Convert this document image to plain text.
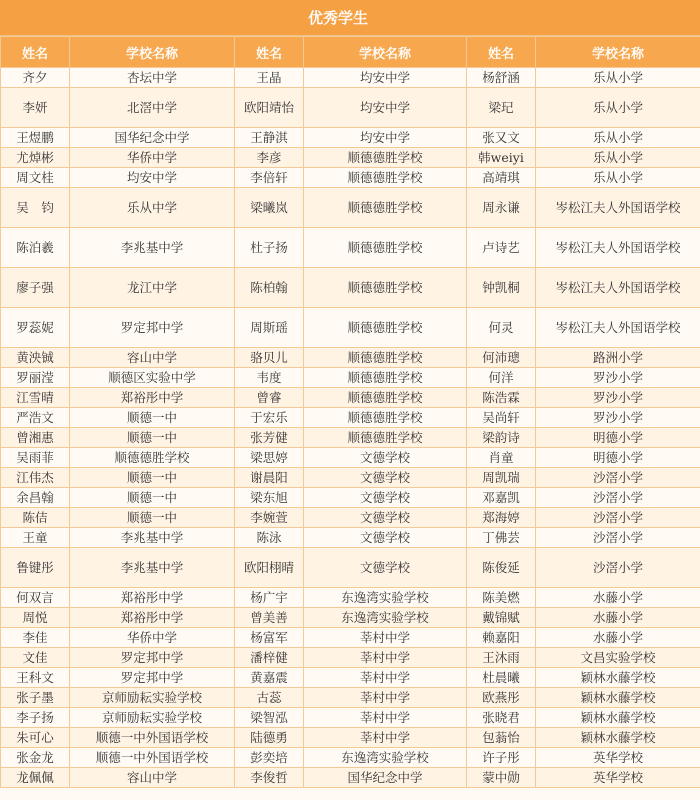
优秀学生
姓名	学校名称	姓名	学校名称	姓名	学校名称
齐夕	杏坛中学	王晶	均安中学	杨舒涵	乐从小学
李妍	北滘中学	欧阳靖怡	均安中学	梁玘	乐从小学
王煜鹏	国华纪念中学	王静淇	均安中学	张又文	乐从小学
尤焯彬	华侨中学	李彦	顺德德胜学校	韩weiyi	乐从小学
周文桂	均安中学	李倍轩	顺德德胜学校	高靖琪	乐从小学
吴　钧	乐从中学	梁曦岚	顺德德胜学校	周永谦	岑松江夫人外国语学校
陈泊羲	李兆基中学	杜子扬	顺德德胜学校	卢诗艺	岑松江夫人外国语学校
廖子强	龙江中学	陈柏翰	顺德德胜学校	钟凯桐	岑松江夫人外国语学校
罗蕊妮	罗定邦中学	周斯瑶	顺德德胜学校	何灵	岑松江夫人外国语学校
黄泱铖	容山中学	骆贝儿	顺德德胜学校	何沛璁	路洲小学
罗丽滢	顺德区实验中学	韦度	顺德德胜学校	何洋	罗沙小学
江雪晴	郑裕彤中学	曾睿	顺德德胜学校	陈浩霖	罗沙小学
严浩文	顺德一中	于宏乐	顺德德胜学校	吴尚轩	罗沙小学
曾湘惠	顺德一中	张芳健	顺德德胜学校	梁韵诗	明德小学
吴雨菲	顺德德胜学校	梁思婷	文德学校	肖童	明德小学
江伟杰	顺德一中	谢晨阳	文德学校	周凯瑞	沙滘小学
余昌翰	顺德一中	梁东旭	文德学校	邓嘉凯	沙滘小学
陈佶	顺德一中	李婉萱	文德学校	郑海婷	沙滘小学
王童	李兆基中学	陈泳	文德学校	丁佛芸	沙滘小学
鲁键彤	李兆基中学	欧阳栩晴	文德学校	陈俊延	沙滘小学
何双言	郑裕彤中学	杨广宇	东逸湾实验学校	陈美燃	水藤小学
周悦	郑裕彤中学	曾美善	东逸湾实验学校	戴锦赋	水藤小学
李佳	华侨中学	杨富军	莘村中学	赖嘉阳	水藤小学
文佳	罗定邦中学	潘梓健	莘村中学	王沐雨	文昌实验学校
王科文	罗定邦中学	黄嘉震	莘村中学	杜晨曦	颖林水藤学校
张子墨	京师励耘实验学校	古蕊	莘村中学	欧燕彤	颖林水藤学校
李子扬	京师励耘实验学校	梁智泓	莘村中学	张晓君	颖林水藤学校
朱可心	顺德一中外国语学校	陆德勇	莘村中学	包蓊怡	颖林水藤学校
张金龙	顺德一中外国语学校	彭奕培	东逸湾实验学校	许子彤	英华学校
龙佩佩	容山中学	李俊哲	国华纪念中学	蒙中勋	英华学校
